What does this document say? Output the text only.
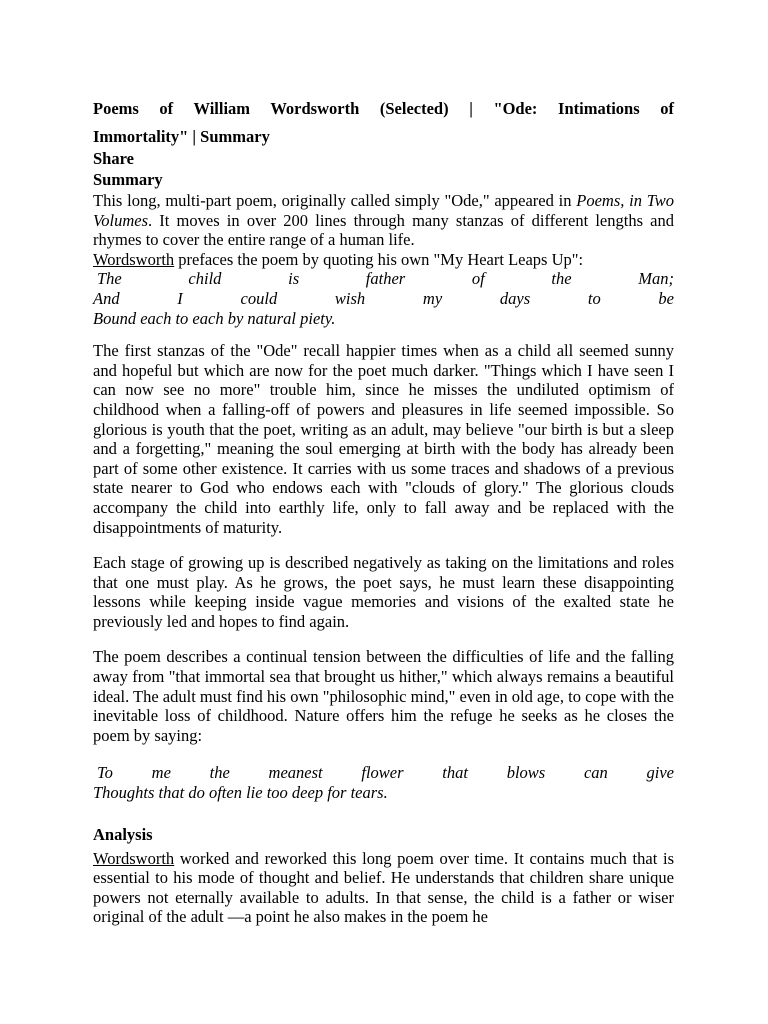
Poems of William Wordsworth (Selected) | "Ode: Intimations of
Immortality" | Summary
Share
Summary

This long, multi-part poem, originally called simply "Ode," appeared in Poems, in Two Volumes. It moves in over 200 lines through many stanzas of different lengths and rhymes to cover the entire range of a human life.

Wordsworth prefaces the poem by quoting his own "My Heart Leaps Up":

The child is father of the Man;
And I could wish my days to be
Bound each to each by natural piety.

The first stanzas of the "Ode" recall happier times when as a child all seemed sunny and hopeful but which are now for the poet much darker. "Things which I have seen I can now see no more" trouble him, since he misses the undiluted optimism of childhood when a falling-off of powers and pleasures in life seemed impossible. So glorious is youth that the poet, writing as an adult, may believe "our birth is but a sleep and a forgetting," meaning the soul emerging at birth with the body has already been part of some other existence. It carries with us some traces and shadows of a previous state nearer to God who endows each with "clouds of glory." The glorious clouds accompany the child into earthly life, only to fall away and be replaced with the disappointments of maturity.

Each stage of growing up is described negatively as taking on the limitations and roles that one must play. As he grows, the poet says, he must learn these disappointing lessons while keeping inside vague memories and visions of the exalted state he previously led and hopes to find again.

The poem describes a continual tension between the difficulties of life and the falling away from "that immortal sea that brought us hither," which always remains a beautiful ideal. The adult must find his own "philosophic mind," even in old age, to cope with the inevitable loss of childhood. Nature offers him the refuge he seeks as he closes the poem by saying:

To me the meanest flower that blows can give
Thoughts that do often lie too deep for tears.
Analysis

Wordsworth worked and reworked this long poem over time. It contains much that is essential to his mode of thought and belief. He understands that children share unique powers not eternally available to adults. In that sense, the child is a father or wiser original of the adult —a point he also makes in the poem he
